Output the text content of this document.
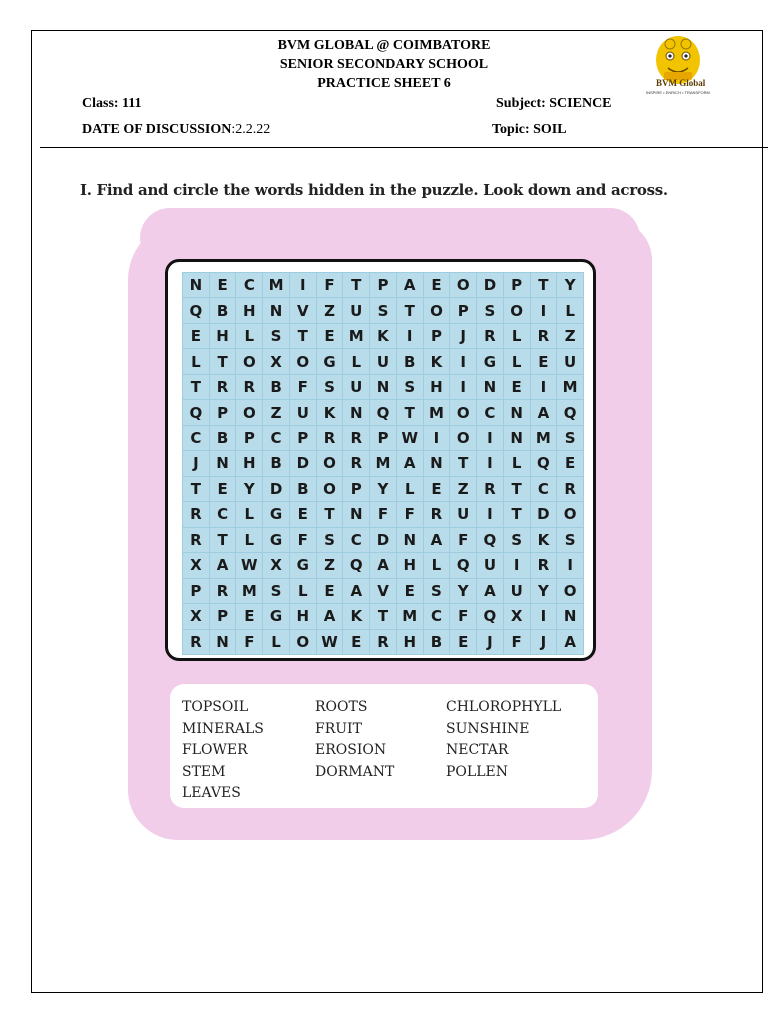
BVM GLOBAL @ COIMBATORE
SENIOR SECONDARY SCHOOL
PRACTICE SHEET 6
Class: 111	Subject: SCIENCE
DATE OF DISCUSSION:2.2.22	Topic: SOIL
BVM Global
INSPIRE • ENRICH • TRANSFORM
I. Find and circle the words hidden in the puzzle. Look down and across.
N	E	C M	I	F	T	P	A	E	O D	P	T	Y
Q B H N V	Z	U	S	T	O P	S O	I	L
E	H	L	S	T	E M K	I	P	J	R	L	R	Z
L	T	O X O G	L	U B	K	I	G	L	E	U
T	R	R	B	F	S	U N	S	H	I	N	E	I	M
Q P O Z	U K N Q	T M O C N A Q
C	B	P	C	P	R	R	P W	I	O	I	N M S
J	N H B D O R M A N	T	I	L	Q	E
T	E	Y	D B O P	Y	L	E	Z	R	T	C	R
R	C	L	G	E	T	N	F	F	R U	I	T	D O
R	T	L	G	F	S	C	D N A	F	Q S	K	S
X	A W X G	Z Q A H	L	Q U	I	R	I
P	R M S	L	E	A	V	E	S	Y	A U	Y O
X	P	E	G H A	K	T M C	F	Q X	I	N
R N	F	L	O W E	R H B	E	J	F	J	A
TOPSOIL
MINERALS
FLOWER
STEM
LEAVES
ROOTS
FRUIT
EROSION
DORMANT
CHLOROPHYLL
SUNSHINE
NECTAR
POLLEN
